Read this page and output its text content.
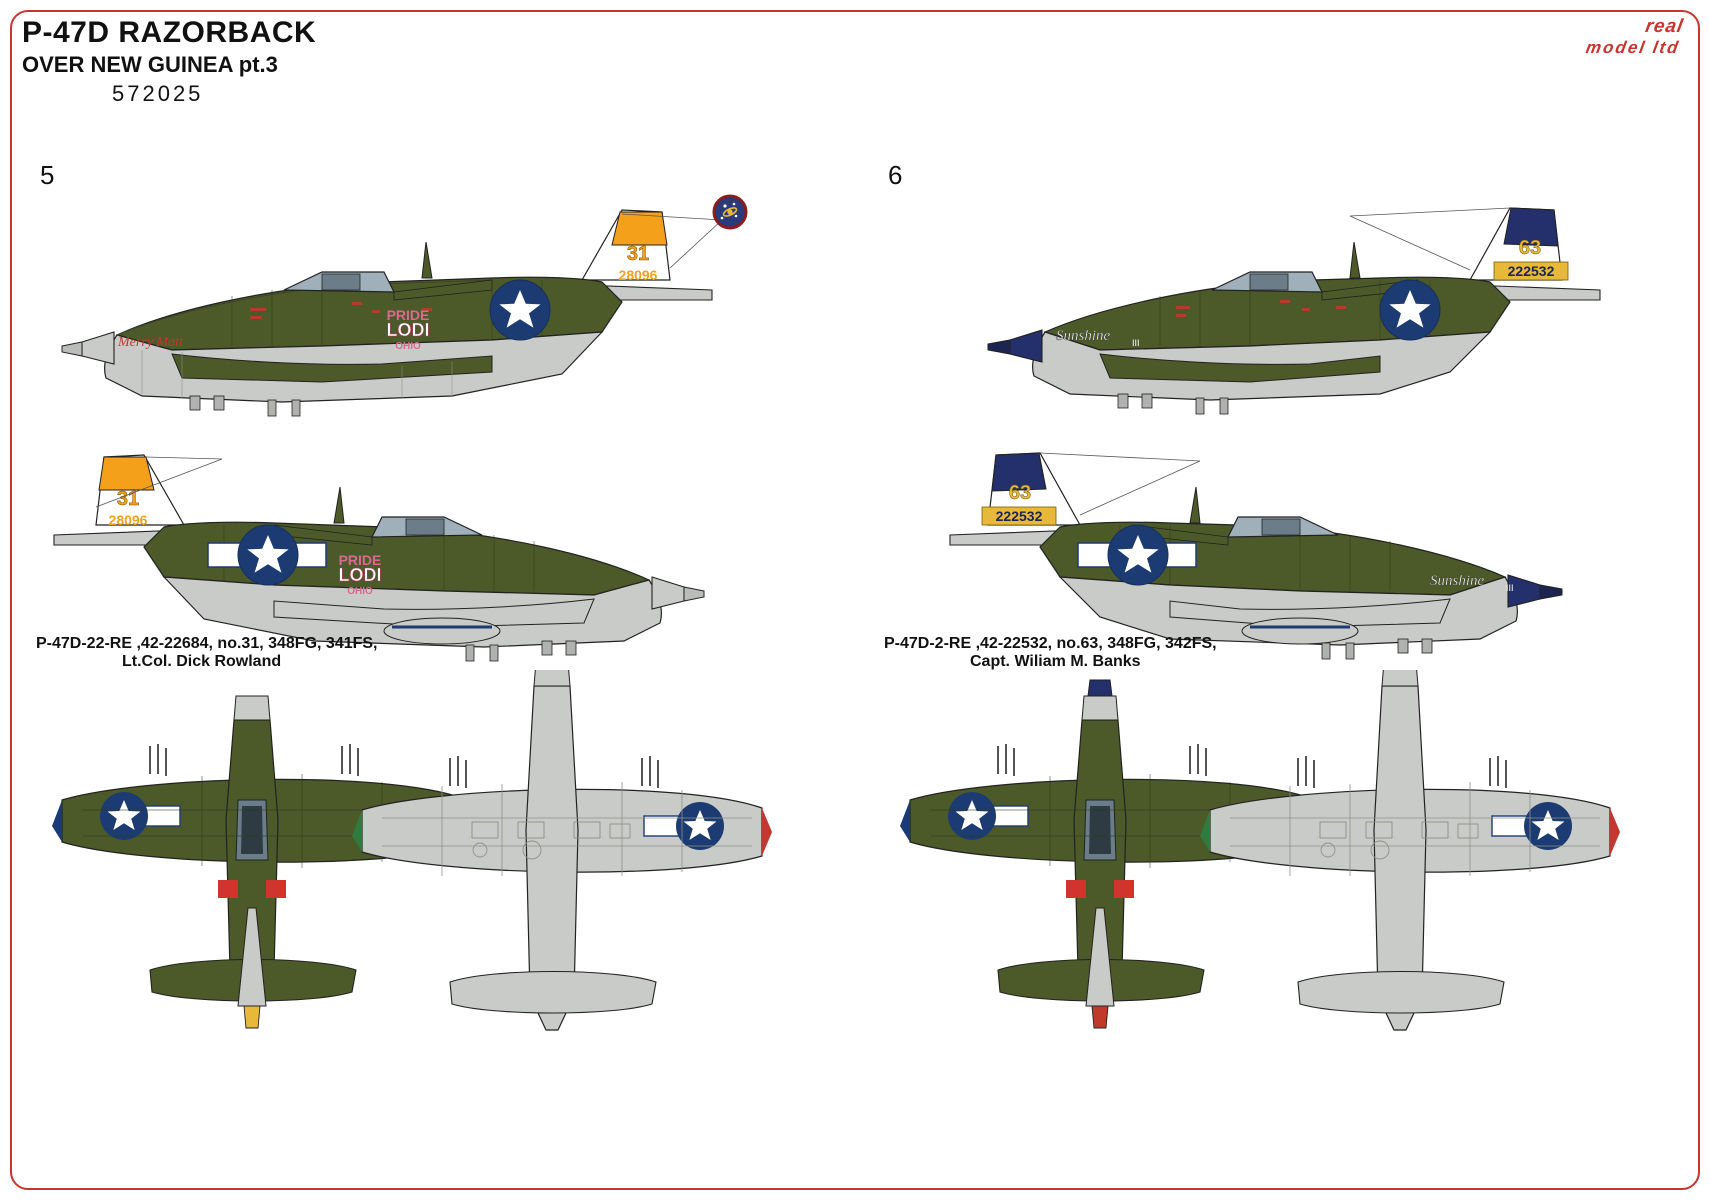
P-47D RAZORBACK
OVER NEW GUINEA pt.3
572025
real
model ltd
5
Merry Matt
PRIDE
LODI
OHIO
31
28096
PRIDE
LODI
OHIO
31
28096
P-47D-22-RE ,42-22684, no.31, 348FG, 341FS,
Lt.Col. Dick Rowland
6
Sunshine III
63
222532
Sunshine III
63
222532
P-47D-2-RE ,42-22532, no.63, 348FG, 342FS,
Capt. Wiliam M. Banks
